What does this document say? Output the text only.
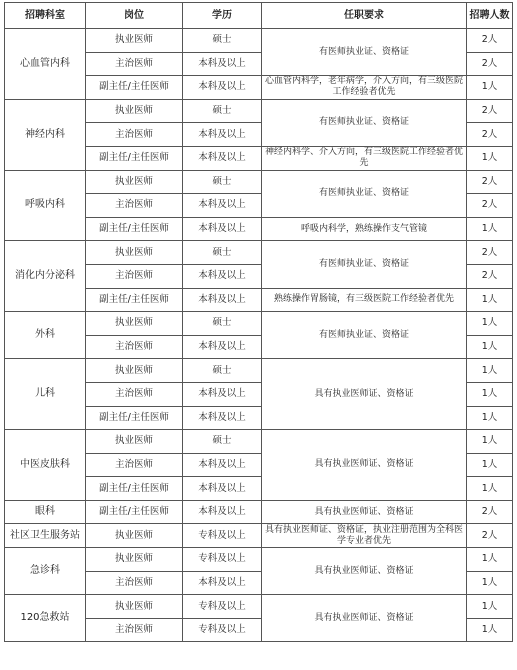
招聘科室	岗位	学历	任职要求	招聘人数
心血管内科	执业医师	硕士	有医师执业证、资格证	2人
	主治医师	本科及以上		2人
	副主任/主任医师	本科及以上	心血管内科学，老年病学，介入方向，有三级医院工作经验者优先	1人
神经内科	执业医师	硕士	有医师执业证、资格证	2人
	主治医师	本科及以上		2人
	副主任/主任医师	本科及以上	神经内科学、介入方向，有三级医院工作经验者优先	1人
呼吸内科	执业医师	硕士	有医师执业证、资格证	2人
	主治医师	本科及以上		2人
	副主任/主任医师	本科及以上	呼吸内科学，熟练操作支气管镜	1人
消化内分泌科	执业医师	硕士	有医师执业证、资格证	2人
	主治医师	本科及以上		2人
	副主任/主任医师	本科及以上	熟练操作胃肠镜，有三级医院工作经验者优先	1人
外科	执业医师	硕士	有医师执业证、资格证	1人
	主治医师	本科及以上		1人
儿科	执业医师	硕士	具有执业医师证、资格证	1人
	主治医师	本科及以上		1人
	副主任/主任医师	本科及以上		1人
中医皮肤科	执业医师	硕士	具有执业医师证、资格证	1人
	主治医师	本科及以上		1人
	副主任/主任医师	本科及以上		1人
眼科	副主任/主任医师	本科及以上	具有执业医师证、资格证	2人
社区卫生服务站	执业医师	专科及以上	具有执业医师证、资格证，执业注册范围为全科医学专业者优先	2人
急诊科	执业医师	专科及以上	具有执业医师证、资格证	1人
	主治医师	本科及以上		1人
120急救站	执业医师	专科及以上	具有执业医师证、资格证	1人
	主治医师	专科及以上		1人
